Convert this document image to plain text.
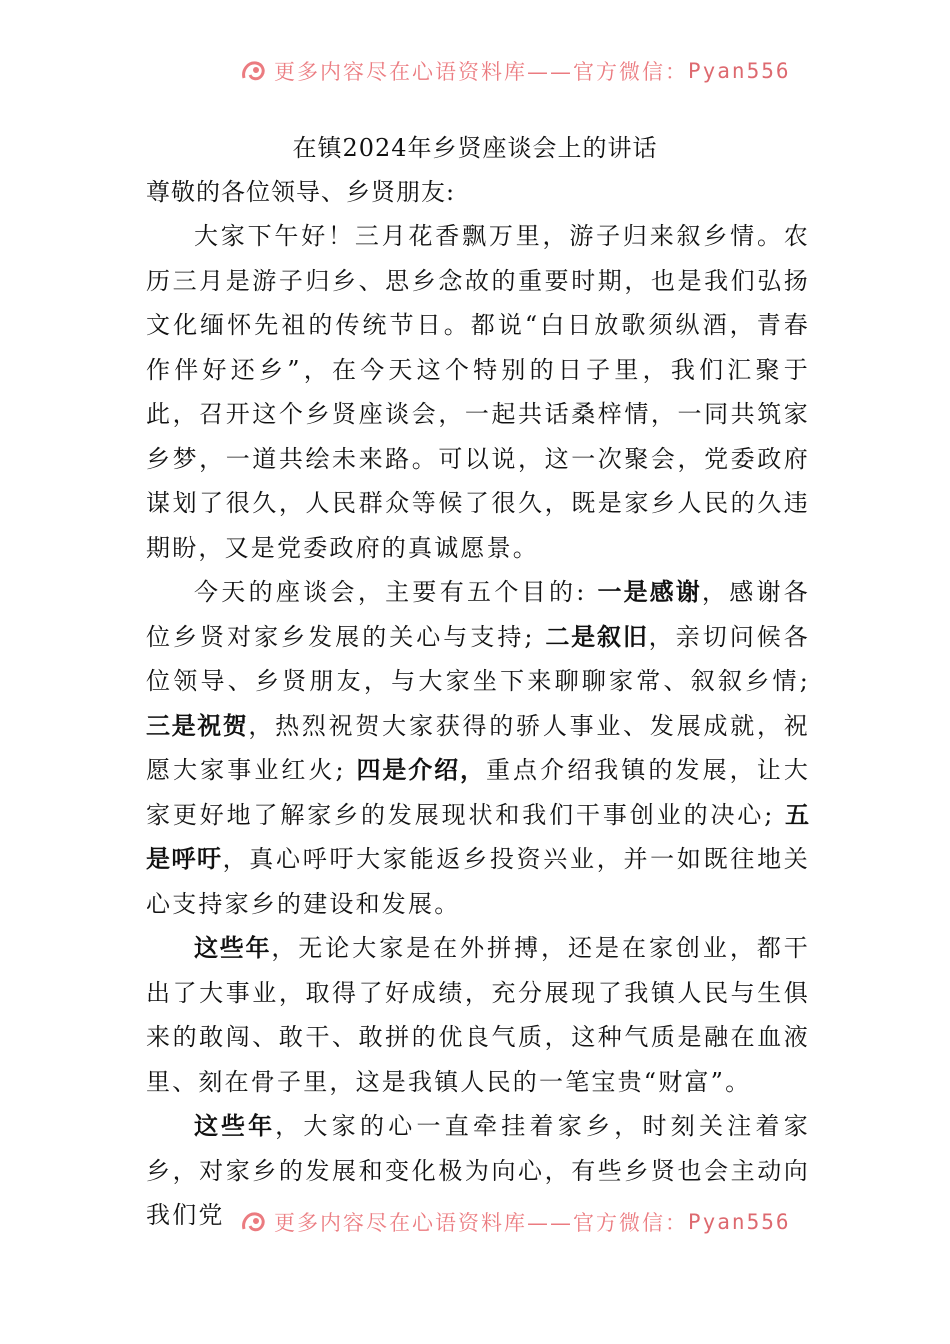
更多内容尽在心语资料库——官方微信： Pyan556
在镇2024年乡贤座谈会上的讲话
尊敬的各位领导、乡贤朋友:

大家下午好！三月花香飘万里，游子归来叙乡情。农历三月是游子归乡、思乡念故的重要时期，也是我们弘扬文化缅怀先祖的传统节日。都说“白日放歌须纵酒，青春作伴好还乡”，在今天这个特别的日子里，我们汇聚于此，召开这个乡贤座谈会，一起共话桑梓情，一同共筑家乡梦，一道共绘未来路。可以说，这一次聚会，党委政府谋划了很久，人民群众等候了很久，既是家乡人民的久违期盼，又是党委政府的真诚愿景。

今天的座谈会，主要有五个目的: 一是感谢，感谢各位乡贤对家乡发展的关心与支持; 二是叙旧，亲切问候各位领导、乡贤朋友，与大家坐下来聊聊家常、叙叙乡情; 三是祝贺，热烈祝贺大家获得的骄人事业、发展成就，祝愿大家事业红火; 四是介绍，重点介绍我镇的发展，让大家更好地了解家乡的发展现状和我们干事创业的决心; 五是呼吁，真心呼吁大家能返乡投资兴业，并一如既往地关心支持家乡的建设和发展。

这些年，无论大家是在外拼搏，还是在家创业，都干出了大事业，取得了好成绩，充分展现了我镇人民与生俱来的敢闯、敢干、敢拼的优良气质，这种气质是融在血液里、刻在骨子里，这是我镇人民的一笔宝贵“财富”。

这些年，大家的心一直牵挂着家乡，时刻关注着家乡，对家乡的发展和变化极为向心，有些乡贤也会主动向我们党	更多内容尽在心语资料库——官方微信： Pyan556
